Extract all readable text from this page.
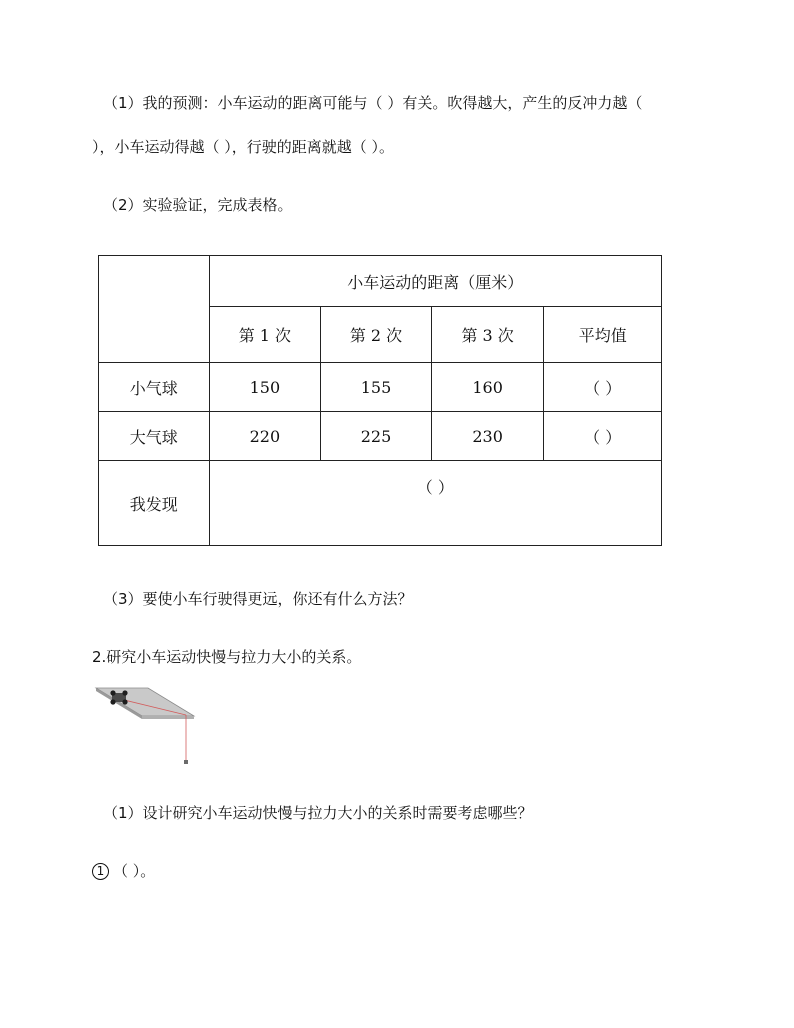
（1）我的预测：小车运动的距离可能与（ ）有关。吹得越大，产生的反冲力越（
），小车运动得越（ ），行驶的距离就越（ ）。
（2）实验验证，完成表格。
	小车运动的距离（厘米）			
	第 1 次	第 2 次	第 3 次	平均值
小气球	150	155	160	（ ）
大气球	220	225	230	（ ）
我发现	（ ）			
（3）要使小车行驶得更远，你还有什么方法？
2.研究小车运动快慢与拉力大小的关系。
（1）设计研究小车运动快慢与拉力大小的关系时需要考虑哪些？
1 （ ）。
